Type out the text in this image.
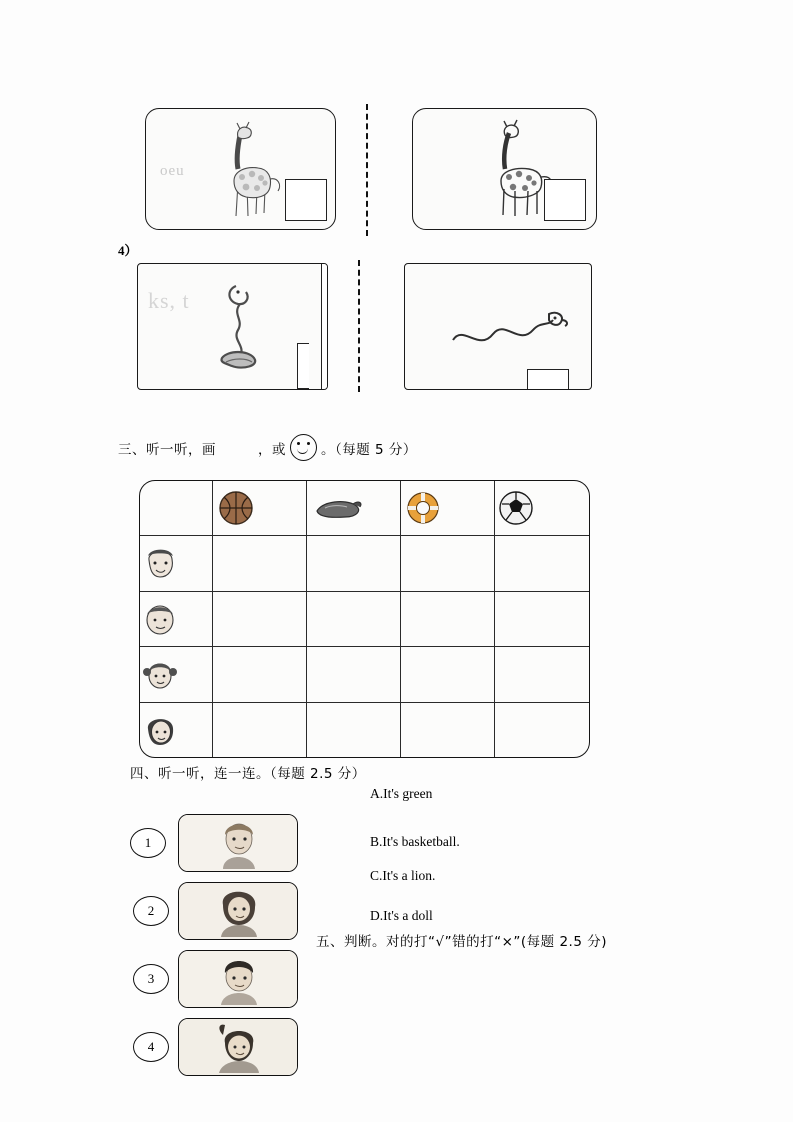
oeu
4）
ks, t
三、听一听，画	，或	。（每题 5 分）

四、听一听，连一连。（每题 2.5 分）
A.It's green
B.It's basketball.
C.It's a lion.
D.It's a doll
1
2
3
4
五、判断。对的打“√”错的打“×”(每题 2.5 分)
